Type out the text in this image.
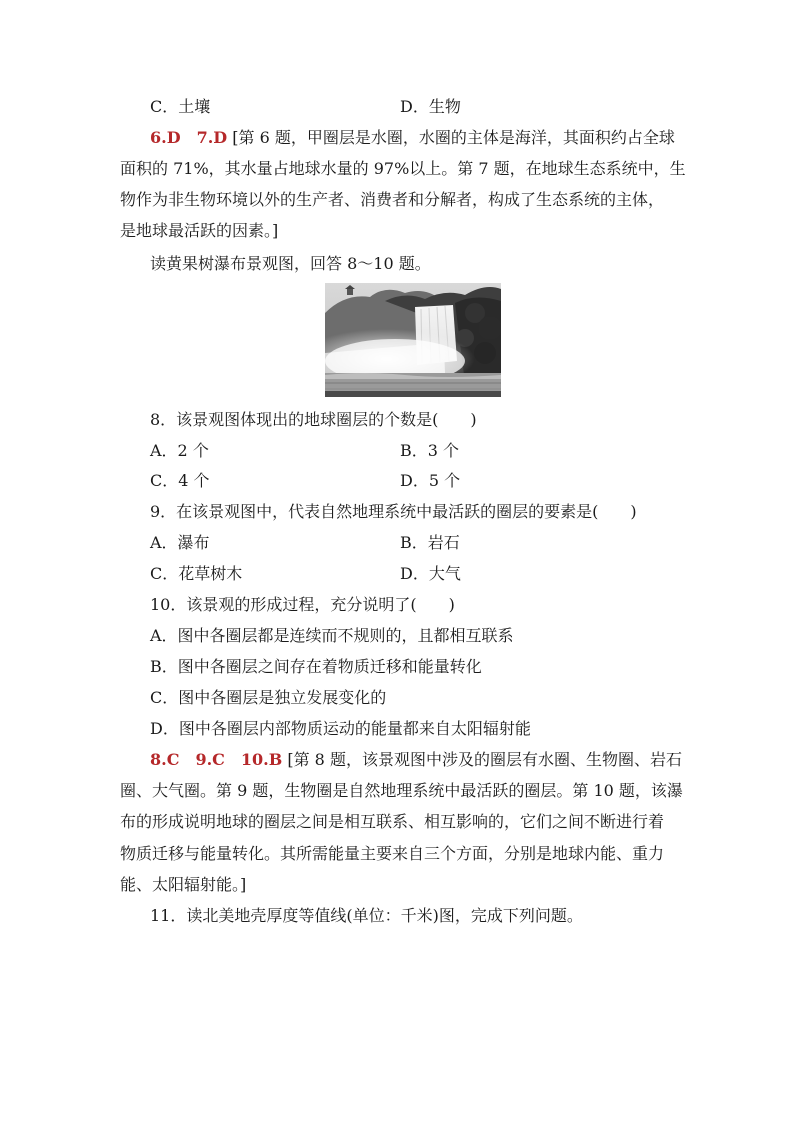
C．土壤	D．生物
6.D　7.D [第 6 题，甲圈层是水圈，水圈的主体是海洋，其面积约占全球
面积的 71%，其水量占地球水量的 97%以上。第 7 题，在地球生态系统中，生
物作为非生物环境以外的生产者、消费者和分解者，构成了生态系统的主体，
是地球最活跃的因素。]
读黄果树瀑布景观图，回答 8～10 题。
8．该景观图体现出的地球圈层的个数是(　　)
A．2 个	B．3 个
C．4 个	D．5 个
9．在该景观图中，代表自然地理系统中最活跃的圈层的要素是(　　)
A．瀑布	B．岩石
C．花草树木	D．大气
10．该景观的形成过程，充分说明了(　　)
A．图中各圈层都是连续而不规则的，且都相互联系
B．图中各圈层之间存在着物质迁移和能量转化
C．图中各圈层是独立发展变化的
D．图中各圈层内部物质运动的能量都来自太阳辐射能
8.C　9.C　10.B [第 8 题，该景观图中涉及的圈层有水圈、生物圈、岩石
圈、大气圈。第 9 题，生物圈是自然地理系统中最活跃的圈层。第 10 题，该瀑
布的形成说明地球的圈层之间是相互联系、相互影响的，它们之间不断进行着
物质迁移与能量转化。其所需能量主要来自三个方面，分别是地球内能、重力
能、太阳辐射能。]
11．读北美地壳厚度等值线(单位：千米)图，完成下列问题。
